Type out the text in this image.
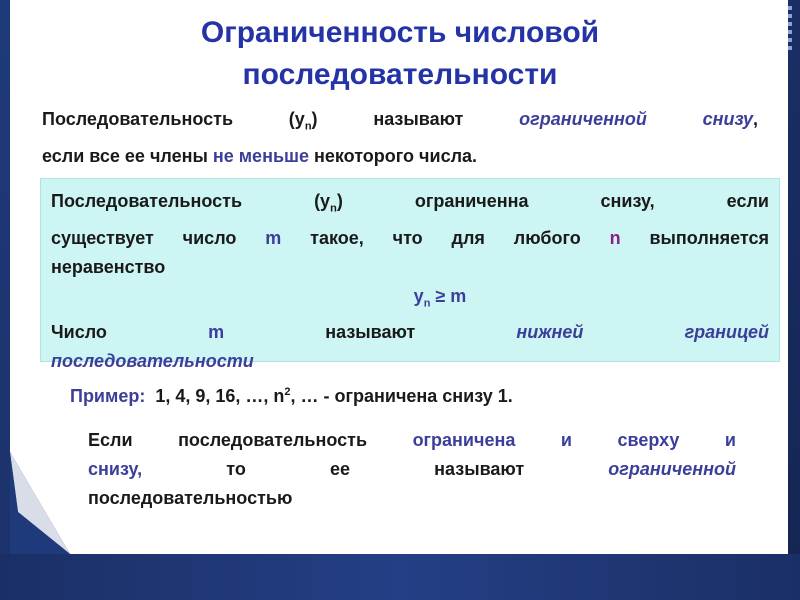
Ограниченность числовой
последовательности
Последовательность $(y_n)$ называют ограниченной снизу,
если все ее члены не меньше некоторого числа.
Последовательность	$(y_n)$	ограниченна	снизу,	если
существует число m такое, что для любого n выполняется
неравенство
$y_n \ge m$
Число	m	называют	нижней	границей
последовательности
Пример: 1, 4, 9, 16, …, $n^2$, … - ограничена снизу 1.
Если	последовательность	ограничена	и	сверху	и
снизу,	то	ее	называют	ограниченной
последовательностью
